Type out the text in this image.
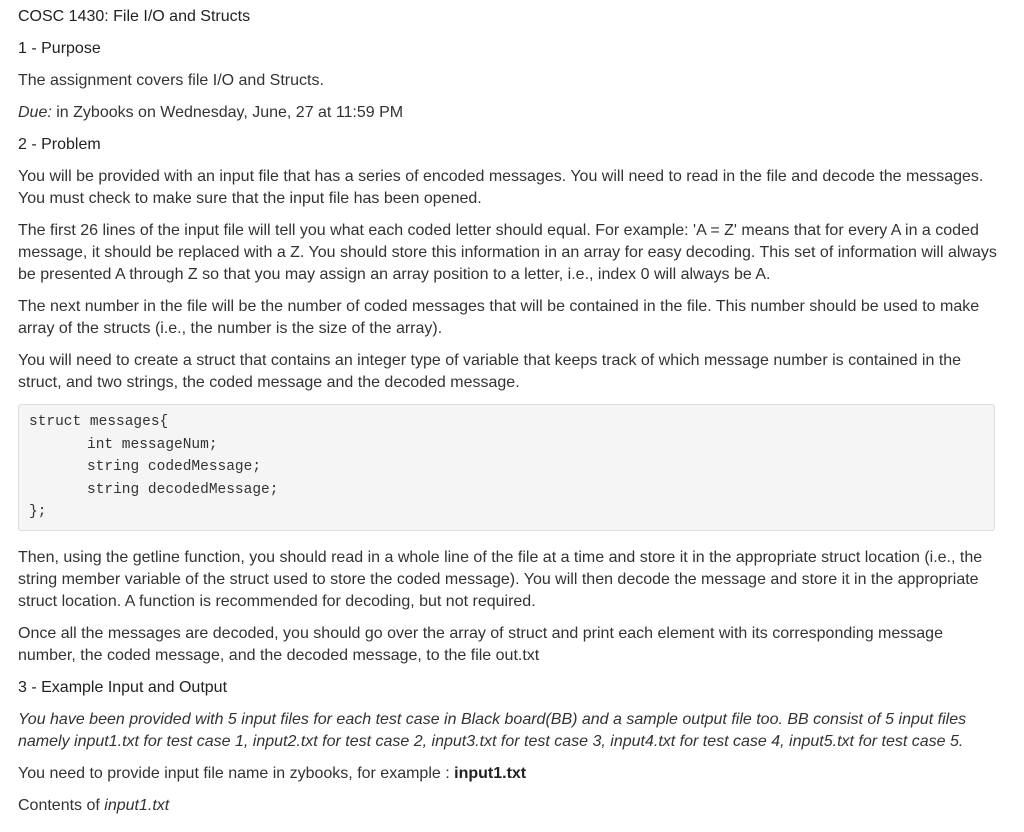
COSC 1430: File I/O and Structs
1 - Purpose

The assignment covers file I/O and Structs.

Due: in Zybooks on Wednesday, June, 27 at 11:59 PM

2 - Problem

You will be provided with an input file that has a series of encoded messages. You will need to read in the file and decode the messages. You must check to make sure that the input file has been opened.

The first 26 lines of the input file will tell you what each coded letter should equal. For example: 'A = Z' means that for every A in a coded message, it should be replaced with a Z. You should store this information in an array for easy decoding. This set of information will always be presented A through Z so that you may assign an array position to a letter, i.e., index 0 will always be A.

The next number in the file will be the number of coded messages that will be contained in the file. This number should be used to make array of the structs (i.e., the number is the size of the array).

You will need to create a struct that contains an integer type of variable that keeps track of which message number is contained in the struct, and two strings, the coded message and the decoded message.

struct messages{
int messageNum;
string codedMessage;
string decodedMessage;
};

Then, using the getline function, you should read in a whole line of the file at a time and store it in the appropriate struct location (i.e., the string member variable of the struct used to store the coded message). You will then decode the message and store it in the appropriate struct location. A function is recommended for decoding, but not required.

Once all the messages are decoded, you should go over the array of struct and print each element with its corresponding message number, the coded message, and the decoded message, to the file out.txt

3 - Example Input and Output

You have been provided with 5 input files for each test case in Black board(BB) and a sample output file too. BB consist of 5 input files namely input1.txt for test case 1, input2.txt for test case 2, input3.txt for test case 3, input4.txt for test case 4, input5.txt for test case 5.

You need to provide input file name in zybooks, for example : input1.txt

Contents of input1.txt
